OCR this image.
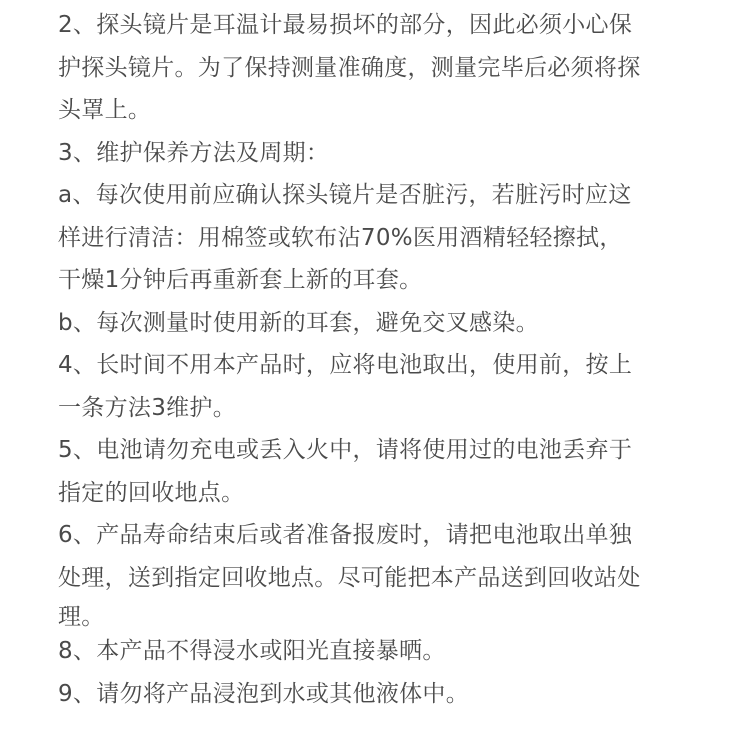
2、探头镜片是耳温计最易损坏的部分，因此必须小心保
护探头镜片。为了保持测量准确度，测量完毕后必须将探
头罩上。
3、维护保养方法及周期：
a、每次使用前应确认探头镜片是否脏污，若脏污时应这
样进行清洁：用棉签或软布沾70%医用酒精轻轻擦拭，
干燥1分钟后再重新套上新的耳套。
b、每次测量时使用新的耳套，避免交叉感染。
4、长时间不用本产品时，应将电池取出，使用前，按上
一条方法3维护。
5、电池请勿充电或丢入火中，请将使用过的电池丢弃于
指定的回收地点。
6、产品寿命结束后或者准备报废时，请把电池取出单独
处理，送到指定回收地点。尽可能把本产品送到回收站处
理。
8、本产品不得浸水或阳光直接暴晒。
9、请勿将产品浸泡到水或其他液体中。
